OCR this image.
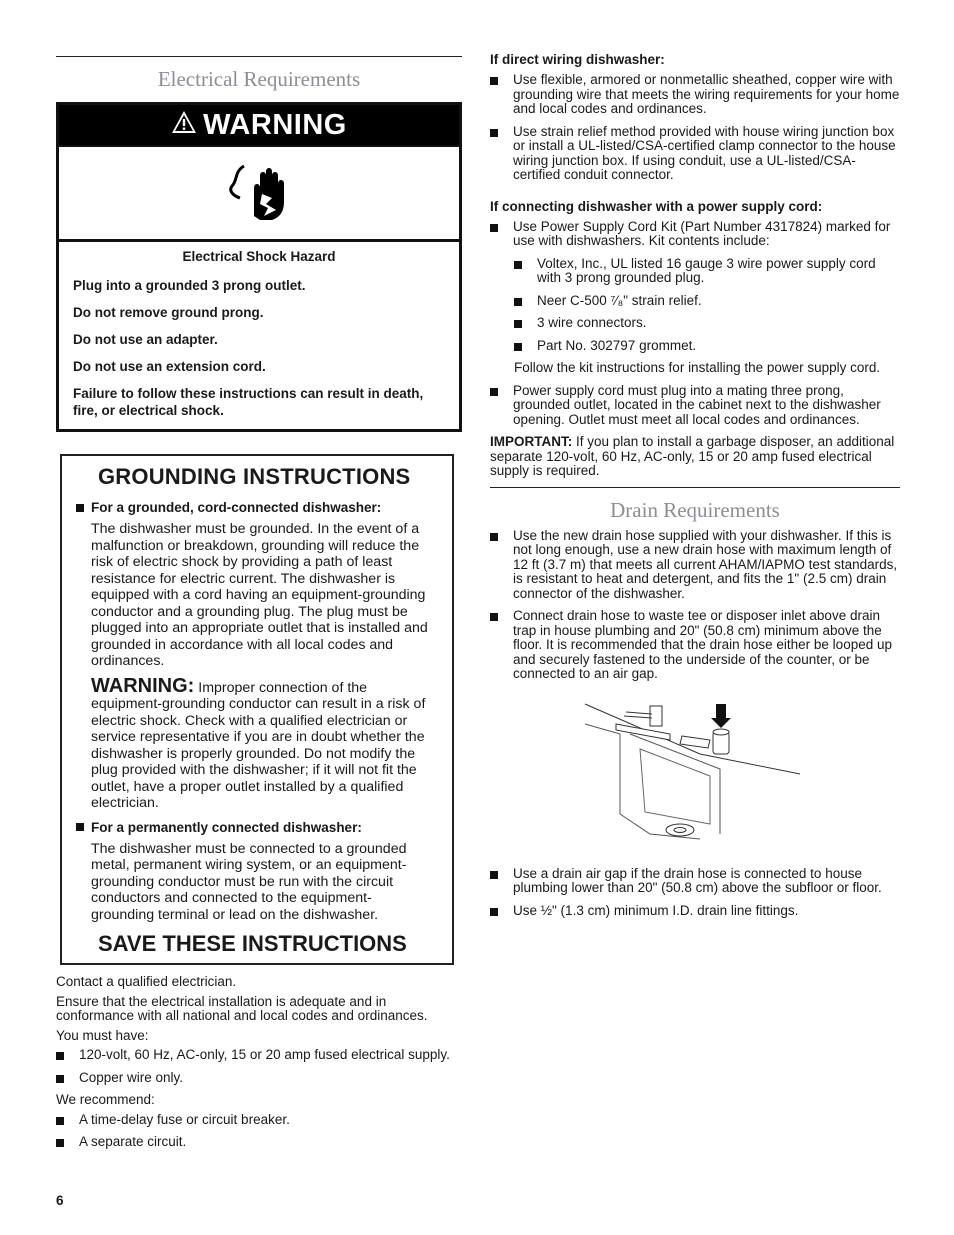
Electrical Requirements
WARNING

Electrical Shock Hazard

Plug into a grounded 3 prong outlet.

Do not remove ground prong.

Do not use an adapter.

Do not use an extension cord.

Failure to follow these instructions can result in death, fire, or electrical shock.

GROUNDING INSTRUCTIONS
For a grounded, cord-connected dishwasher:

The dishwasher must be grounded. In the event of a malfunction or breakdown, grounding will reduce the risk of electric shock by providing a path of least resistance for electric current. The dishwasher is equipped with a cord having an equipment-grounding conductor and a grounding plug. The plug must be plugged into an appropriate outlet that is installed and grounded in accordance with all local codes and ordinances.

WARNING: Improper connection of the equipment-grounding conductor can result in a risk of electric shock. Check with a qualified electrician or service representative if you are in doubt whether the dishwasher is properly grounded. Do not modify the plug provided with the dishwasher; if it will not fit the outlet, have a proper outlet installed by a qualified electrician.

For a permanently connected dishwasher:

The dishwasher must be connected to a grounded metal, permanent wiring system, or an equipment-grounding conductor must be run with the circuit conductors and connected to the equipment-grounding terminal or lead on the dishwasher.

SAVE THESE INSTRUCTIONS

Contact a qualified electrician.

Ensure that the electrical installation is adequate and in conformance with all national and local codes and ordinances.

You must have:

120-volt, 60 Hz, AC-only, 15 or 20 amp fused electrical supply.
Copper wire only.

We recommend:

A time-delay fuse or circuit breaker.
A separate circuit.
If direct wiring dishwasher:
Use flexible, armored or nonmetallic sheathed, copper wire with grounding wire that meets the wiring requirements for your home and local codes and ordinances.
Use strain relief method provided with house wiring junction box or install a UL-listed/CSA-certified clamp connector to the house wiring junction box. If using conduit, use a UL-listed/CSA-certified conduit connector.
If connecting dishwasher with a power supply cord:
Use Power Supply Cord Kit (Part Number 4317824) marked for use with dishwashers. Kit contents include:
Voltex, Inc., UL listed 16 gauge 3 wire power supply cord with 3 prong grounded plug.
Neer C-500 ⁷⁄₈" strain relief.
3 wire connectors.
Part No. 302797 grommet.

Follow the kit instructions for installing the power supply cord.

Power supply cord must plug into a mating three prong, grounded outlet, located in the cabinet next to the dishwasher opening. Outlet must meet all local codes and ordinances.

IMPORTANT: If you plan to install a garbage disposer, an additional separate 120-volt, 60 Hz, AC-only, 15 or 20 amp fused electrical supply is required.

Drain Requirements
Use the new drain hose supplied with your dishwasher. If this is not long enough, use a new drain hose with maximum length of 12 ft (3.7 m) that meets all current AHAM/IAPMO test standards, is resistant to heat and detergent, and fits the 1" (2.5 cm) drain connector of the dishwasher.
Connect drain hose to waste tee or disposer inlet above drain trap in house plumbing and 20" (50.8 cm) minimum above the floor. It is recommended that the drain hose either be looped up and securely fastened to the underside of the counter, or be connected to an air gap.
Use a drain air gap if the drain hose is connected to house plumbing lower than 20" (50.8 cm) above the subfloor or floor.
Use ½" (1.3 cm) minimum I.D. drain line fittings.
6
